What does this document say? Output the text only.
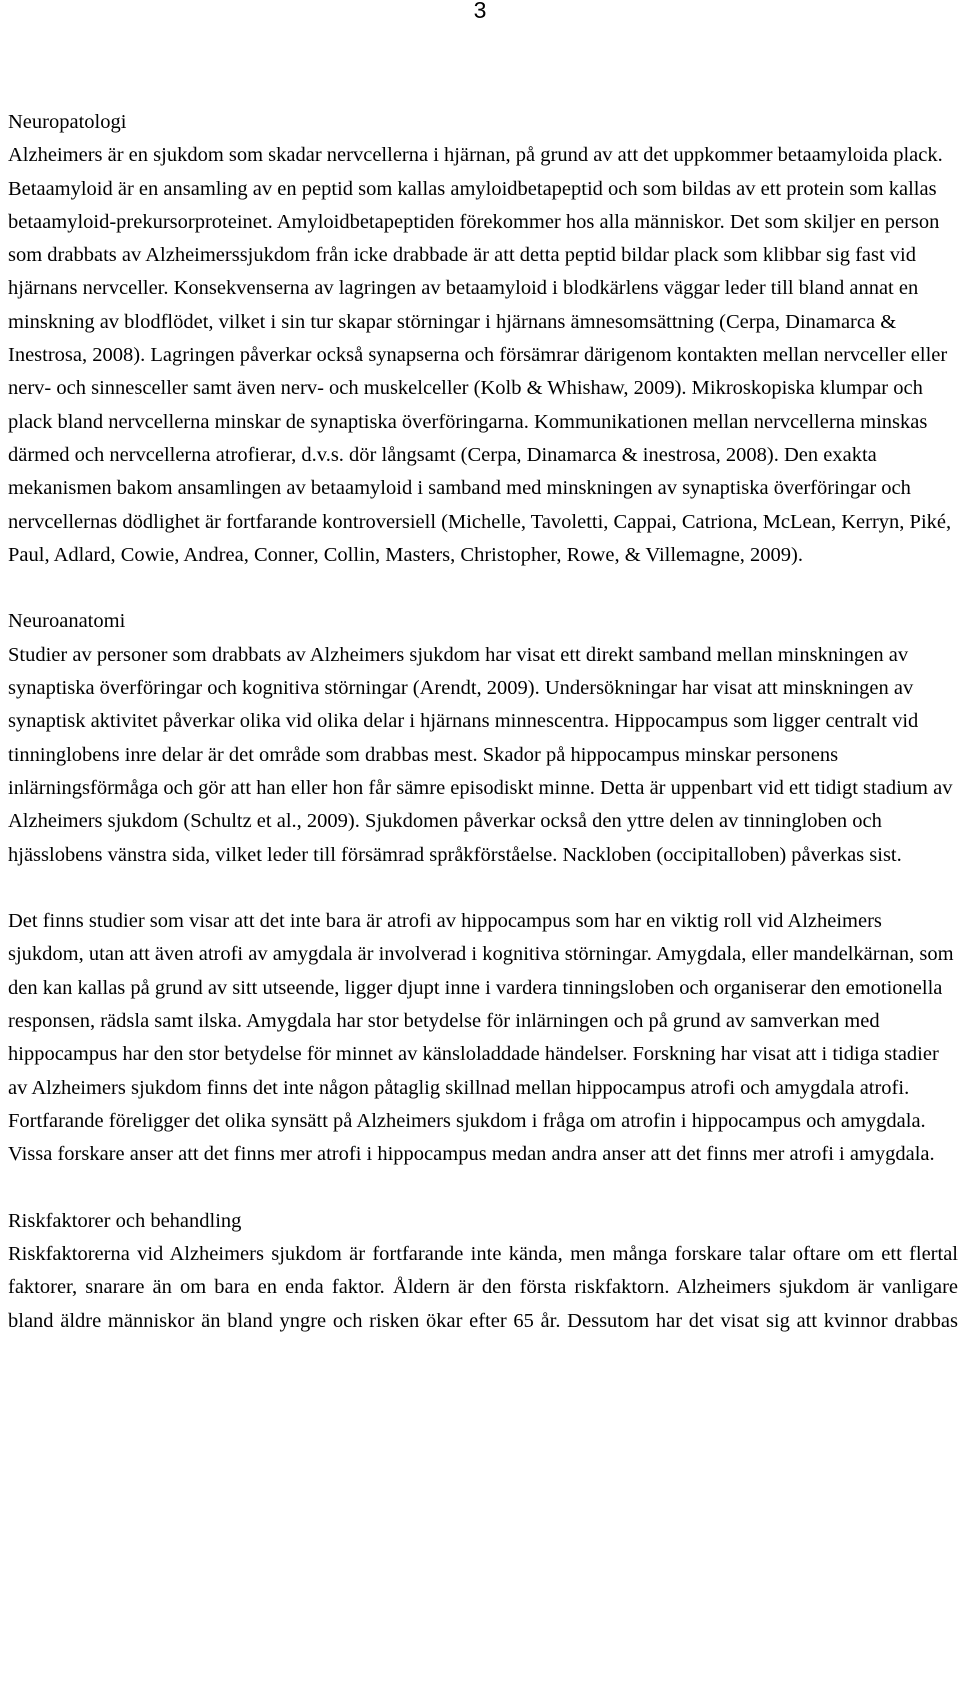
3
Neuropatologi

Alzheimers är en sjukdom som skadar nervcellerna i hjärnan, på grund av att det uppkommer betaamyloida plack. Betaamyloid är en ansamling av en peptid som kallas amyloidbetapeptid och som bildas av ett protein som kallas betaamyloid-prekursorproteinet. Amyloidbetapeptiden förekommer hos alla människor. Det som skiljer en person som drabbats av Alzheimerssjukdom från icke drabbade är att detta peptid bildar plack som klibbar sig fast vid hjärnans nervceller. Konsekvenserna av lagringen av betaamyloid i blodkärlens väggar leder till bland annat en minskning av blodflödet, vilket i sin tur skapar störningar i hjärnans ämnesomsättning (Cerpa, Dinamarca & Inestrosa, 2008). Lagringen påverkar också synapserna och försämrar därigenom kontakten mellan nervceller eller nerv- och sinnesceller samt även nerv- och muskelceller (Kolb & Whishaw, 2009). Mikroskopiska klumpar och plack bland nervcellerna minskar de synaptiska överföringarna. Kommunikationen mellan nervcellerna minskas därmed och nervcellerna atrofierar, d.v.s. dör långsamt (Cerpa, Dinamarca & inestrosa, 2008). Den exakta mekanismen bakom ansamlingen av betaamyloid i samband med minskningen av synaptiska överföringar och nervcellernas dödlighet är fortfarande kontroversiell (Michelle, Tavoletti, Cappai, Catriona, McLean, Kerryn, Piké, Paul, Adlard, Cowie, Andrea, Conner, Collin, Masters, Christopher, Rowe, & Villemagne, 2009).

Neuroanatomi

Studier av personer som drabbats av Alzheimers sjukdom har visat ett direkt samband mellan minskningen av synaptiska överföringar och kognitiva störningar (Arendt, 2009). Undersökningar har visat att minskningen av synaptisk aktivitet påverkar olika vid olika delar i hjärnans minnescentra. Hippocampus som ligger centralt vid tinninglobens inre delar är det område som drabbas mest. Skador på hippocampus minskar personens inlärningsförmåga och gör att han eller hon får sämre episodiskt minne. Detta är uppenbart vid ett tidigt stadium av Alzheimers sjukdom (Schultz et al., 2009). Sjukdomen påverkar också den yttre delen av tinningloben och hjässlobens vänstra sida, vilket leder till försämrad språkförståelse. Nackloben (occipitalloben) påverkas sist.

Det finns studier som visar att det inte bara är atrofi av hippocampus som har en viktig roll vid Alzheimers sjukdom, utan att även atrofi av amygdala är involverad i kognitiva störningar. Amygdala, eller mandelkärnan, som den kan kallas på grund av sitt utseende, ligger djupt inne i vardera tinningsloben och organiserar den emotionella responsen, rädsla samt ilska. Amygdala har stor betydelse för inlärningen och på grund av samverkan med hippocampus har den stor betydelse för minnet av känsloladdade händelser. Forskning har visat att i tidiga stadier av Alzheimers sjukdom finns det inte någon påtaglig skillnad mellan hippocampus atrofi och amygdala atrofi. Fortfarande föreligger det olika synsätt på Alzheimers sjukdom i fråga om atrofin i hippocampus och amygdala. Vissa forskare anser att det finns mer atrofi i hippocampus medan andra anser att det finns mer atrofi i amygdala.

Riskfaktorer och behandling

Riskfaktorerna vid Alzheimers sjukdom är fortfarande inte kända, men många forskare talar oftare om ett flertal faktorer, snarare än om bara en enda faktor. Åldern är den första riskfaktorn. Alzheimers sjukdom är vanligare bland äldre människor än bland yngre och risken ökar efter 65 år. Dessutom har det visat sig att kvinnor drabbas
